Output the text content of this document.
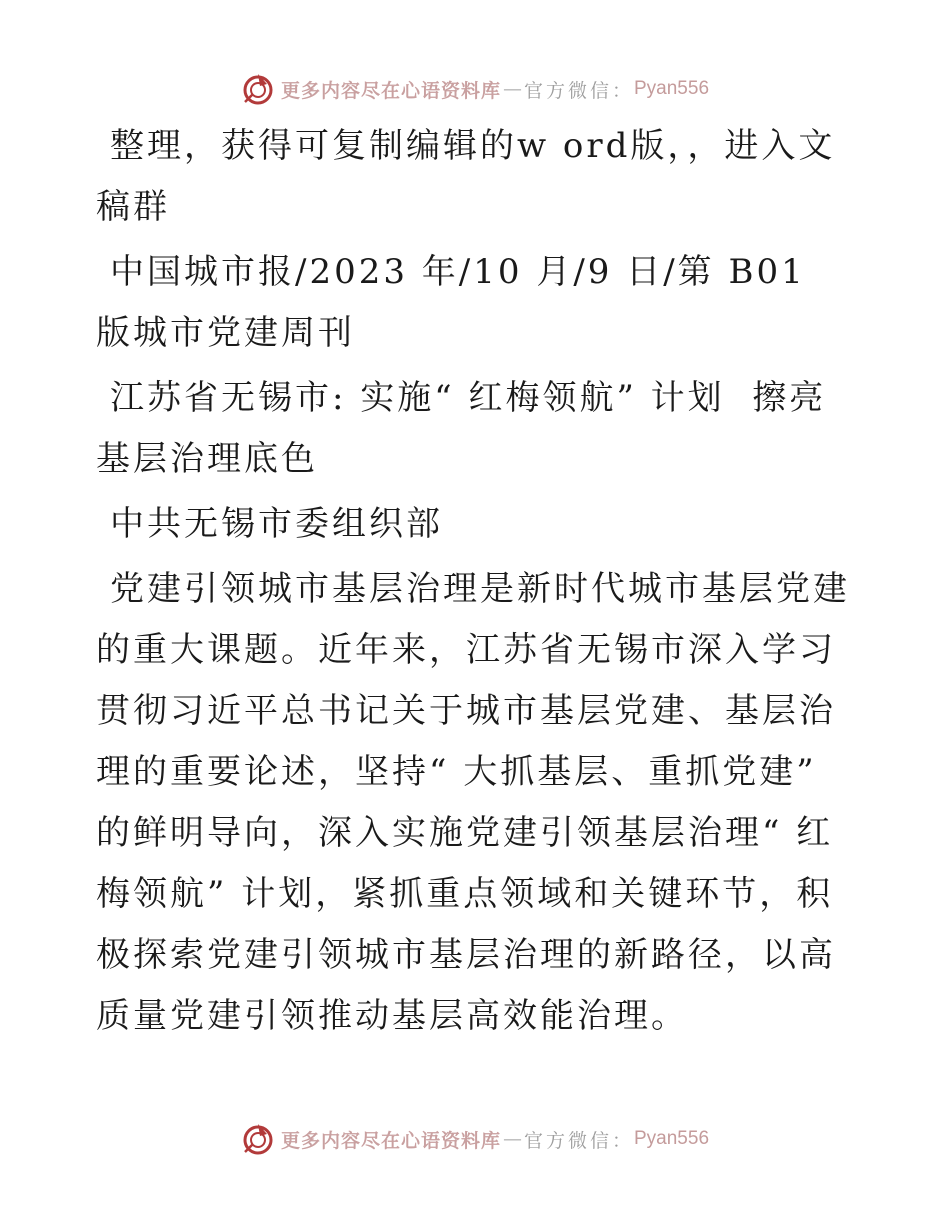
更多内容尽在心语资料库 — 官方微信： Pyan556

整理，获得可复制编辑的w ord版，，进入文稿群

中国城市报/2023 年/10 月/9 日/第 B01 版城市党建周刊

江苏省无锡市: 实施“ 红梅领航” 计划  擦亮基层治理底色

中共无锡市委组织部

党建引领城市基层治理是新时代城市基层党建的重大课题。近年来，江苏省无锡市深入学习贯彻习近平总书记关于城市基层党建、基层治理的重要论述，坚持“ 大抓基层、重抓党建” 的鲜明导向，深入实施党建引领基层治理“ 红梅领航” 计划，紧抓重点领域和关键环节，积极探索党建引领城市基层治理的新路径，以高质量党建引领推动基层高效能治理。

更多内容尽在心语资料库 — 官方微信： Pyan556
